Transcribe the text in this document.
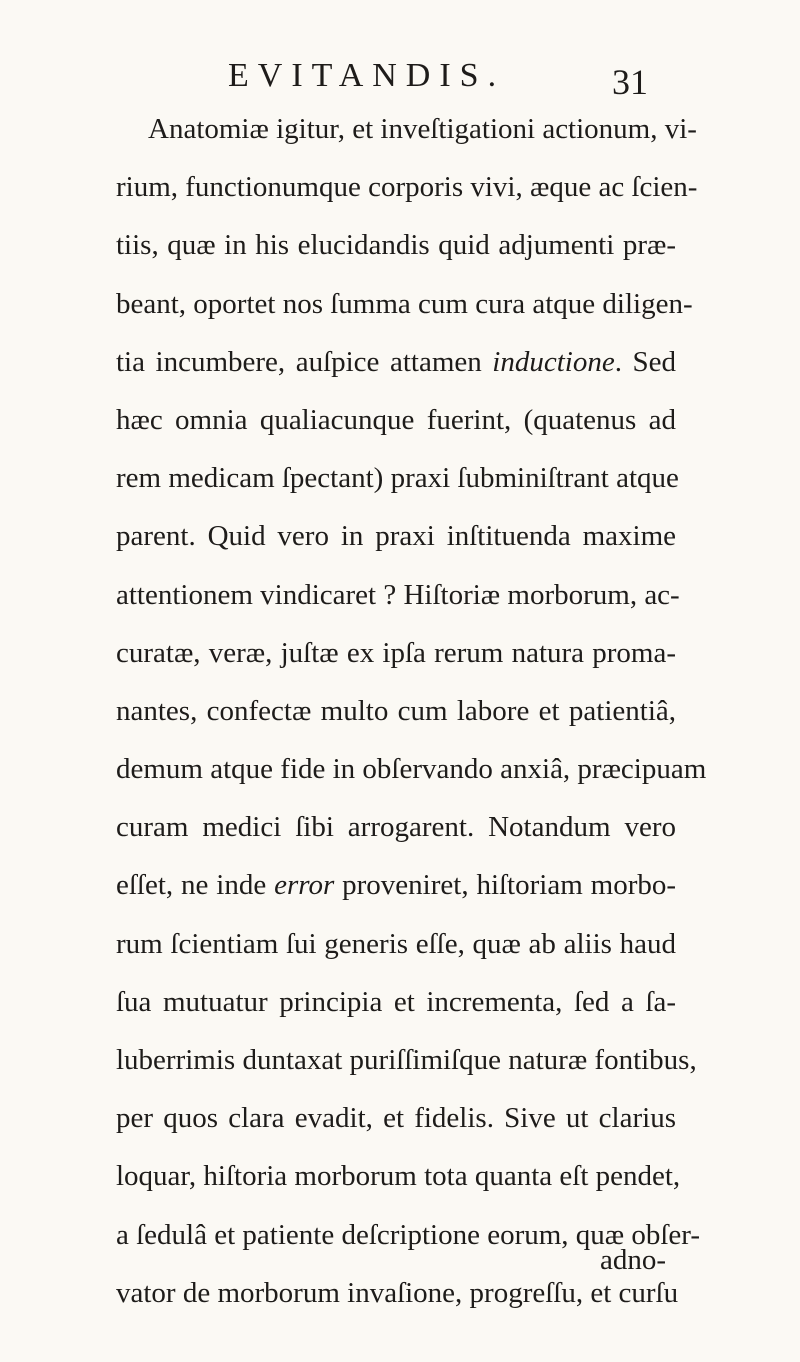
EVITANDIS.	31
Anatomiæ igitur, et inveſtigationi actionum, vi-
rium, functionumque corporis vivi, æque ac ſcien-
tiis, quæ in his elucidandis quid adjumenti præ-
beant, oportet nos ſumma cum cura atque diligen-
tia incumbere, auſpice attamen inductione. Sed
hæc omnia qualiacunque fuerint, (quatenus ad
rem medicam ſpectant) praxi ſubminiſtrant atque
parent. Quid vero in praxi inſtituenda maxime
attentionem vindicaret ? Hiſtoriæ morborum, ac-
curatæ, veræ, juſtæ ex ipſa rerum natura proma-
nantes, confectæ multo cum labore et patientiâ,
demum atque fide in obſervando anxiâ, præcipuam
curam medici ſibi arrogarent. Notandum vero
eſſet, ne inde error proveniret, hiſtoriam morbo-
rum ſcientiam ſui generis eſſe, quæ ab aliis haud
ſua mutuatur principia et incrementa, ſed a ſa-
luberrimis duntaxat puriſſimiſque naturæ fontibus,
per quos clara evadit, et fidelis. Sive ut clarius
loquar, hiſtoria morborum tota quanta eſt pendet,
a ſedulâ et patiente deſcriptione eorum, quæ obſer-
vator de morborum invaſione, progreſſu, et curſu
adno-
